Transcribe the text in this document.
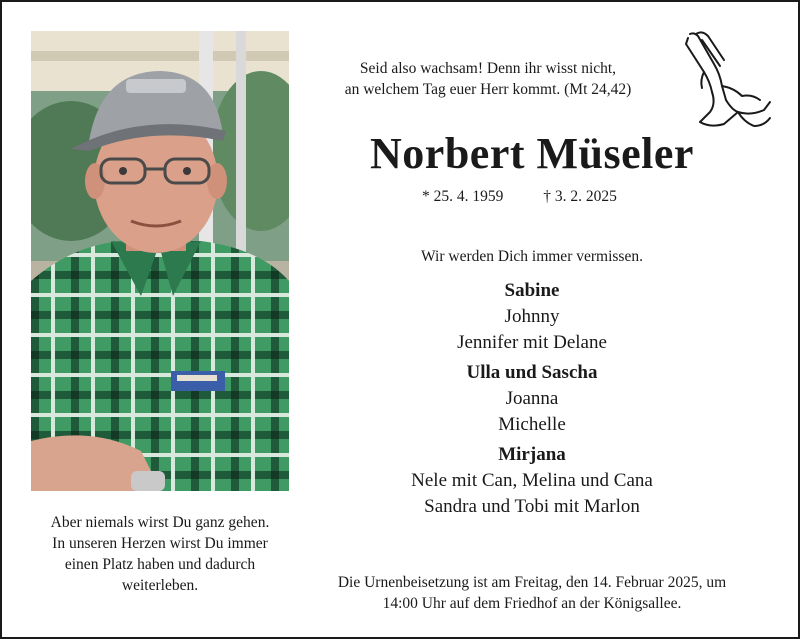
Aber niemals wirst Du ganz gehen.
In unseren Herzen wirst Du immer
einen Platz haben und dadurch
weiterleben.
Seid also wachsam! Denn ihr wisst nicht,
an welchem Tag euer Herr kommt. (Mt 24,42)
Norbert Müseler
* 25. 4. 1959	† 3. 2. 2025
Wir werden Dich immer vermissen.
Sabine
Johnny
Jennifer mit Delane
Ulla und Sascha
Joanna
Michelle
Mirjana
Nele mit Can, Melina und Cana
Sandra und Tobi mit Marlon
Die Urnenbeisetzung ist am Freitag, den 14. Februar 2025, um
14:00 Uhr auf dem Friedhof an der Königsallee.
